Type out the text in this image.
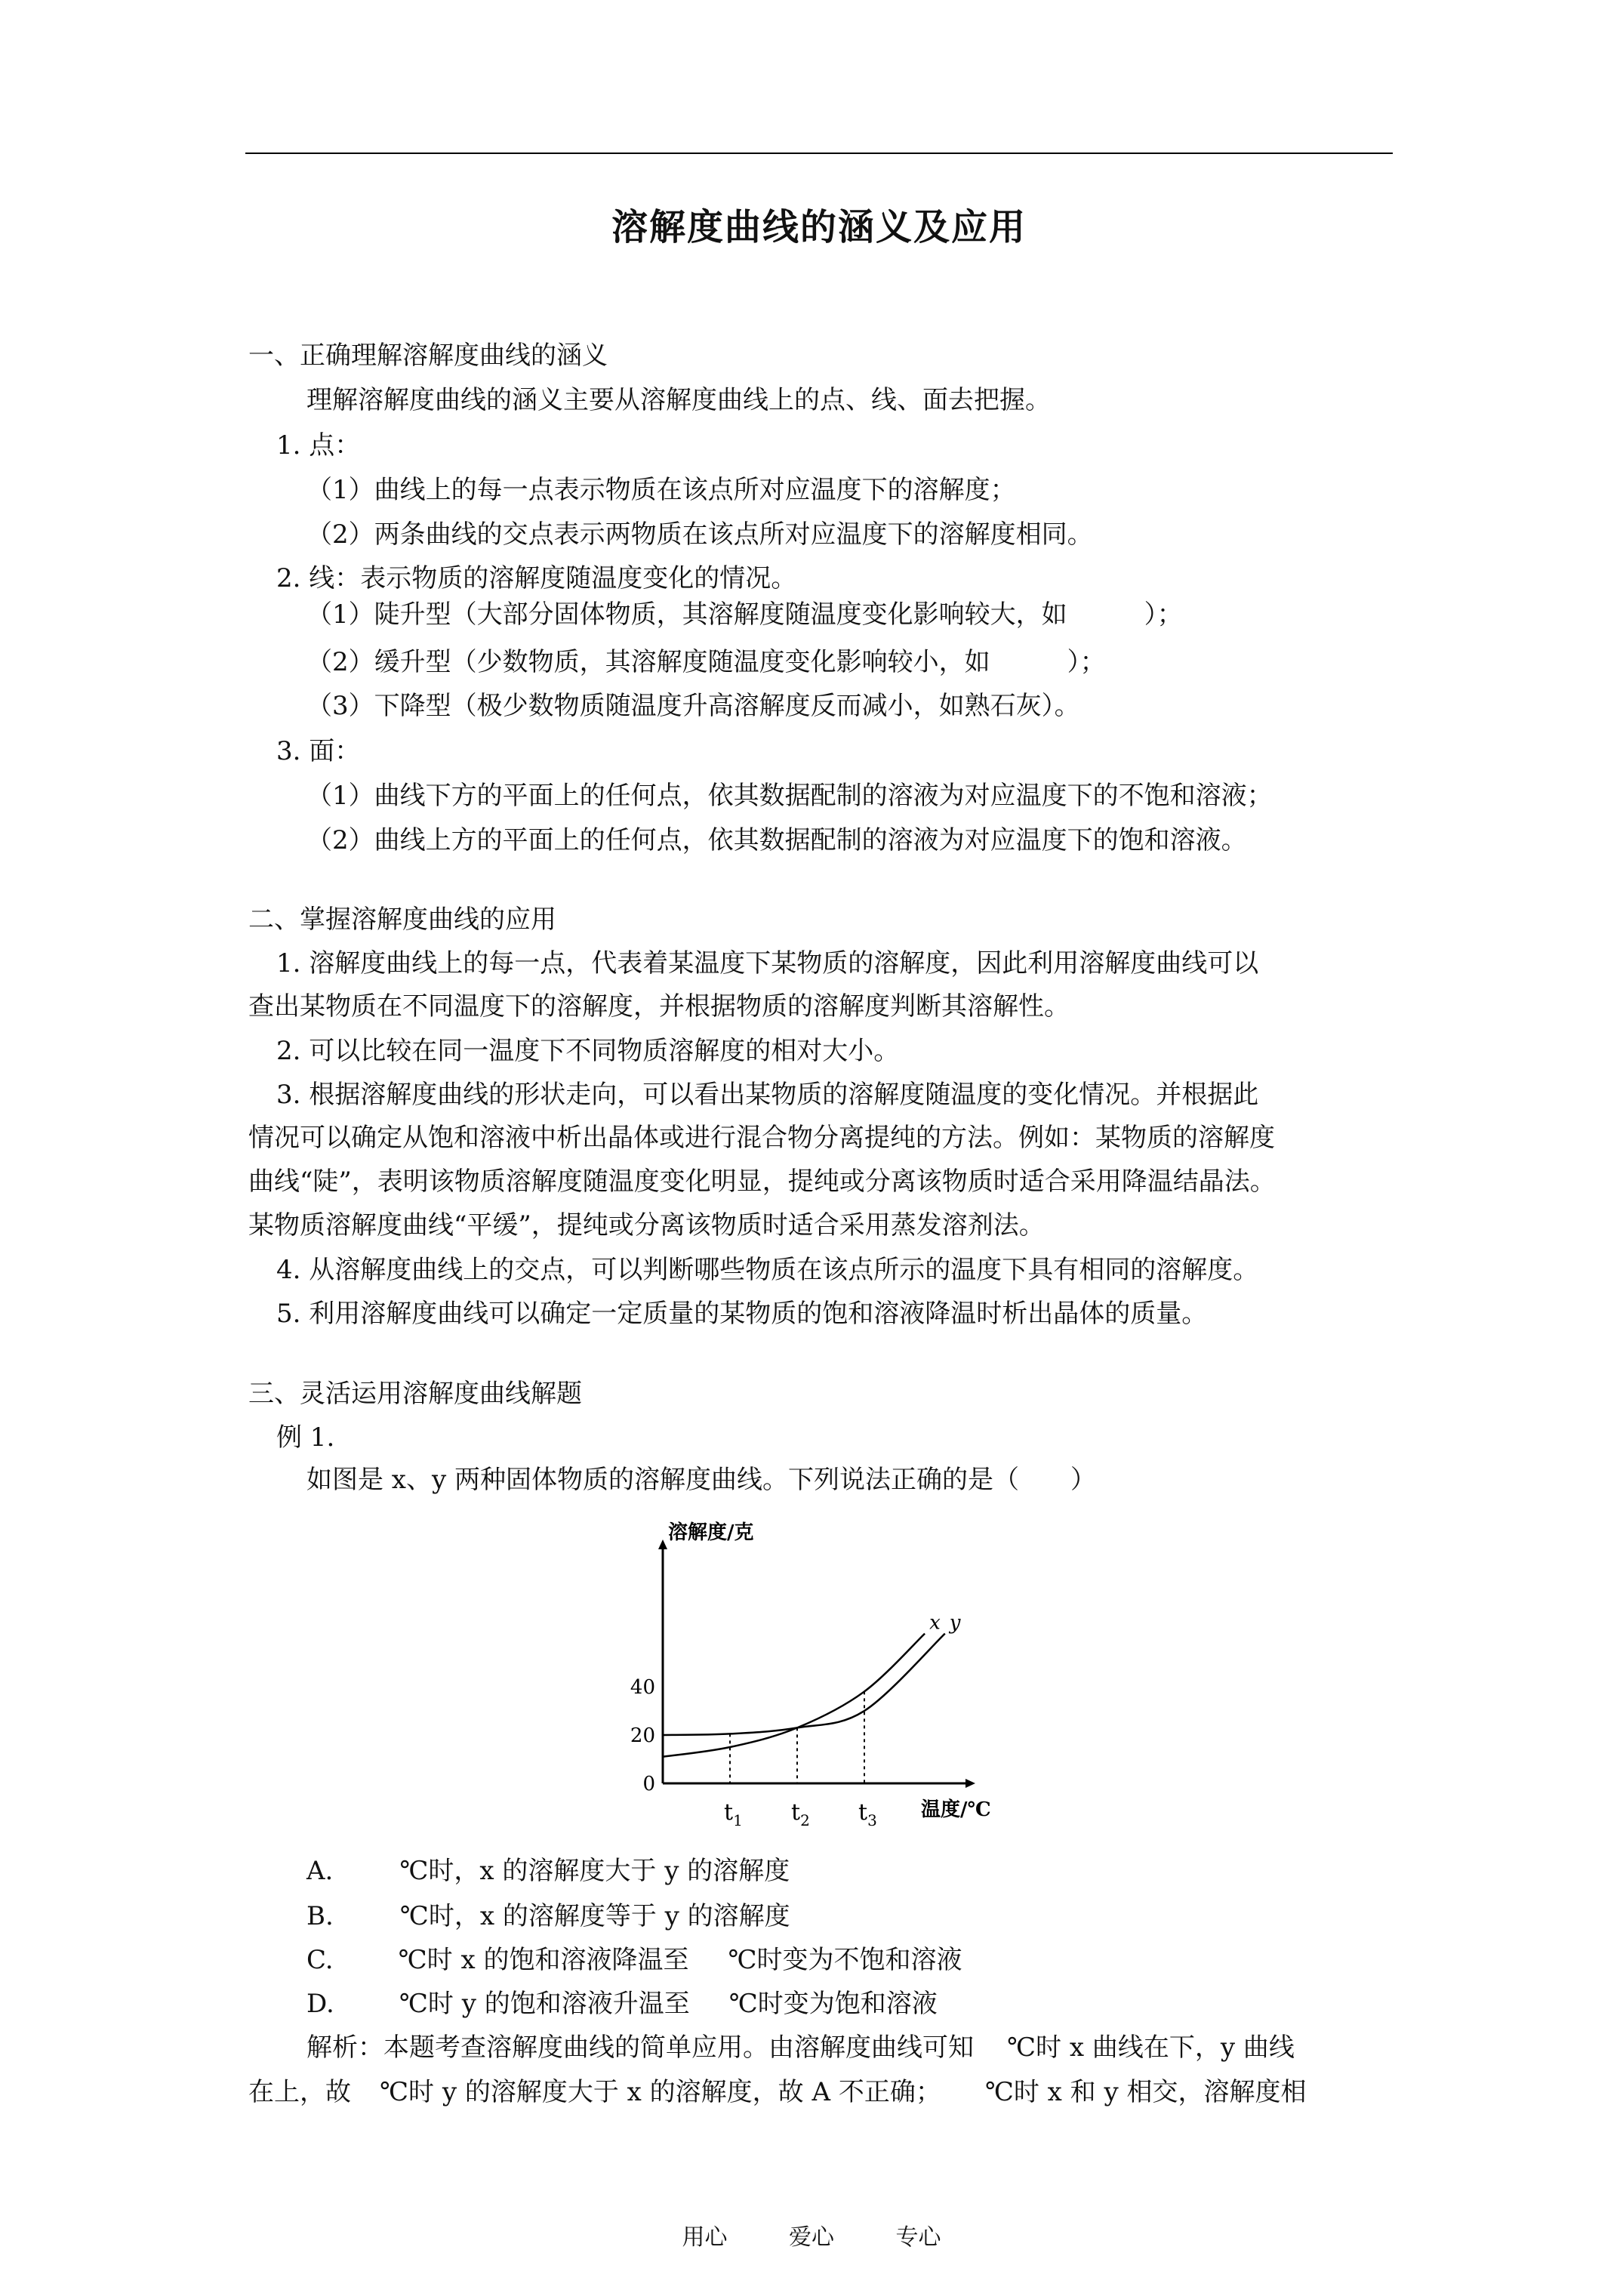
溶解度曲线的涵义及应用
一、正确理解溶解度曲线的涵义
理解溶解度曲线的涵义主要从溶解度曲线上的点、线、面去把握。
1. 点：
（1）曲线上的每一点表示物质在该点所对应温度下的溶解度；
（2）两条曲线的交点表示两物质在该点所对应温度下的溶解度相同。
2. 线：表示物质的溶解度随温度变化的情况。
（1）陡升型（大部分固体物质，其溶解度随温度变化影响较大，如　　　）；
（2）缓升型（少数物质，其溶解度随温度变化影响较小，如　　　）；
（3）下降型（极少数物质随温度升高溶解度反而减小，如熟石灰）。
3. 面：
（1）曲线下方的平面上的任何点，依其数据配制的溶液为对应温度下的不饱和溶液；
（2）曲线上方的平面上的任何点，依其数据配制的溶液为对应温度下的饱和溶液。
二、掌握溶解度曲线的应用
1. 溶解度曲线上的每一点，代表着某温度下某物质的溶解度，因此利用溶解度曲线可以
查出某物质在不同温度下的溶解度，并根据物质的溶解度判断其溶解性。
2. 可以比较在同一温度下不同物质溶解度的相对大小。
3. 根据溶解度曲线的形状走向，可以看出某物质的溶解度随温度的变化情况。并根据此
情况可以确定从饱和溶液中析出晶体或进行混合物分离提纯的方法。例如：某物质的溶解度
曲线“陡”，表明该物质溶解度随温度变化明显，提纯或分离该物质时适合采用降温结晶法。
某物质溶解度曲线“平缓”，提纯或分离该物质时适合采用蒸发溶剂法。
4. 从溶解度曲线上的交点，可以判断哪些物质在该点所示的温度下具有相同的溶解度。
5. 利用溶解度曲线可以确定一定质量的某物质的饱和溶液降温时析出晶体的质量。
三、灵活运用溶解度曲线解题
例 1.
如图是 x、y 两种固体物质的溶解度曲线。下列说法正确的是（　　）
溶解度/克
温度/℃
0
20
40
$t_1$ $t_2$ $t_3$
x y
A.	℃时，x 的溶解度大于 y 的溶解度
B.	℃时，x 的溶解度等于 y 的溶解度
C.	℃时 x 的饱和溶液降温至 ℃时变为不饱和溶液
D.	℃时 y 的饱和溶液升温至 ℃时变为饱和溶液
解析：本题考查溶解度曲线的简单应用。由溶解度曲线可知 ℃时 x 曲线在下，y 曲线
在上，故 ℃时 y 的溶解度大于 x 的溶解度，故 A 不正确； ℃时 x 和 y 相交，溶解度相
用心	爱心	专心
